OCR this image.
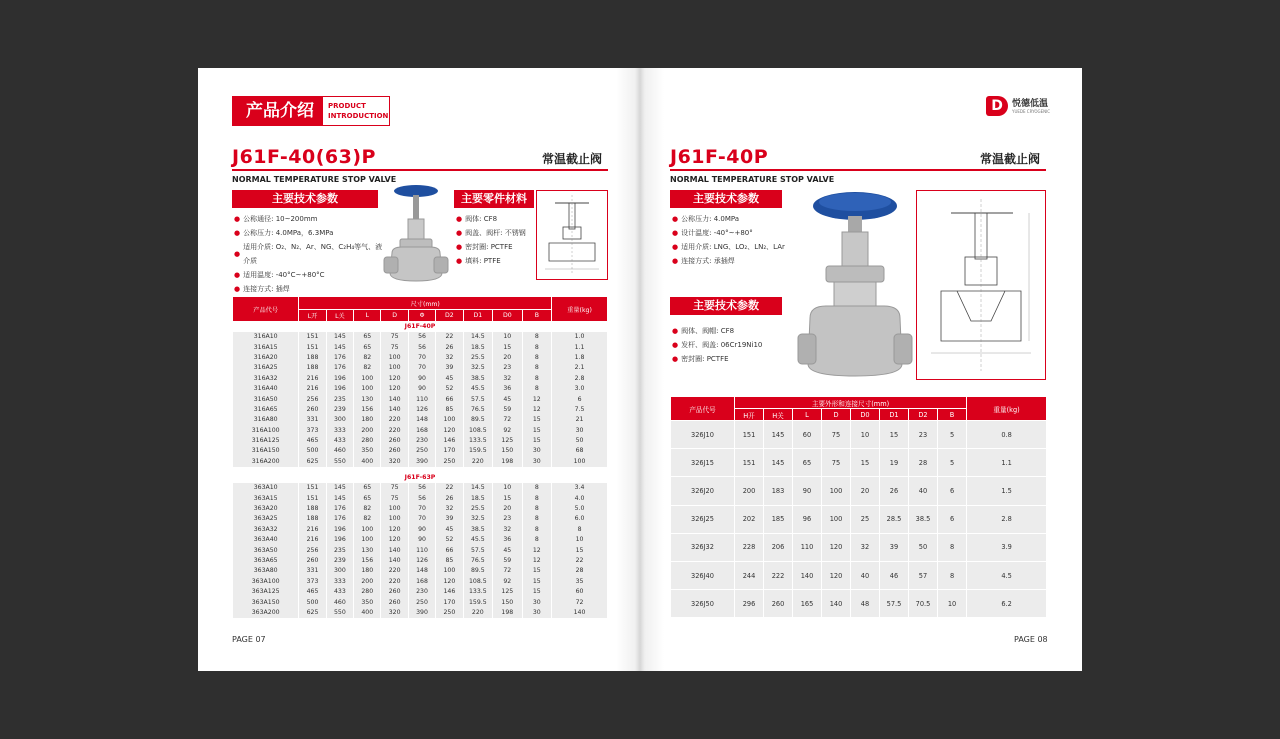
产品介绍	PRODUCT
INTRODUCTION
J61F-40(63)P	常温截止阀
NORMAL TEMPERATURE STOP VALVE
主要技术参数
● 公称通径: 10~200mm
● 公称压力: 4.0MPa，6.3MPa
●
适用介质: O₂、N₂、Ar、NG、C₂H₄等气、液介质
● 适用温度: -40°C~+80°C
● 连接方式: 插焊
主要零件材料
● 阀体: CF8
● 阀盖、阀杆: 不锈钢
● 密封圈: PCTFE
● 填料: PTFE
产品代号	尺寸(mm)									重量(kg)
	L开	L关	L	D	Φ	D2	D1	D0	B	
J61F-40P										
316A10	151	145	65	75	56	22	14.5	10	8	1.0
316A15	151	145	65	75	56	26	18.5	15	8	1.1
316A20	188	176	82	100	70	32	25.5	20	8	1.8
316A25	188	176	82	100	70	39	32.5	23	8	2.1
316A32	216	196	100	120	90	45	38.5	32	8	2.8
316A40	216	196	100	120	90	52	45.5	36	8	3.0
316A50	256	235	130	140	110	66	57.5	45	12	6
316A65	260	239	156	140	126	85	76.5	59	12	7.5
316A80	331	300	180	220	148	100	89.5	72	15	21
316A100	373	333	200	220	168	120	108.5	92	15	30
316A125	465	433	280	260	230	146	133.5	125	15	50
316A150	500	460	350	260	250	170	159.5	150	30	68
316A200	625	550	400	320	390	250	220	198	30	100

J61F-63P										
363A10	151	145	65	75	56	22	14.5	10	8	3.4
363A15	151	145	65	75	56	26	18.5	15	8	4.0
363A20	188	176	82	100	70	32	25.5	20	8	5.0
363A25	188	176	82	100	70	39	32.5	23	8	6.0
363A32	216	196	100	120	90	45	38.5	32	8	8
363A40	216	196	100	120	90	52	45.5	36	8	10
363A50	256	235	130	140	110	66	57.5	45	12	15
363A65	260	239	156	140	126	85	76.5	59	12	22
363A80	331	300	180	220	148	100	89.5	72	15	28
363A100	373	333	200	220	168	120	108.5	92	15	35
363A125	465	433	280	260	230	146	133.5	125	15	60
363A150	500	460	350	260	250	170	159.5	150	30	72
363A200	625	550	400	320	390	250	220	198	30	140
PAGE 07
D	悦德低温
YUEDE CRYOGENIC
J61F-40P	常温截止阀
NORMAL TEMPERATURE STOP VALVE
主要技术参数
● 公称压力: 4.0MPa
● 设计温度: -40°~+80°
● 适用介质: LNG、LO₂、LN₂、LAr
● 连接方式: 承插焊
主要技术参数
● 阀体、阀帽: CF8
● 发杆、阀盖: 06Cr19Ni10
● 密封圈: PCTFE
产品代号	主要外形和连接尺寸(mm)								重量(kg)
	H开	H关	L	D	D0	D1	D2	B	
326J10	151	145	60	75	10	15	23	5	0.8
326J15	151	145	65	75	15	19	28	5	1.1
326J20	200	183	90	100	20	26	40	6	1.5
326J25	202	185	96	100	25	28.5	38.5	6	2.8
326J32	228	206	110	120	32	39	50	8	3.9
326J40	244	222	140	120	40	46	57	8	4.5
326J50	296	260	165	140	48	57.5	70.5	10	6.2
PAGE 08
